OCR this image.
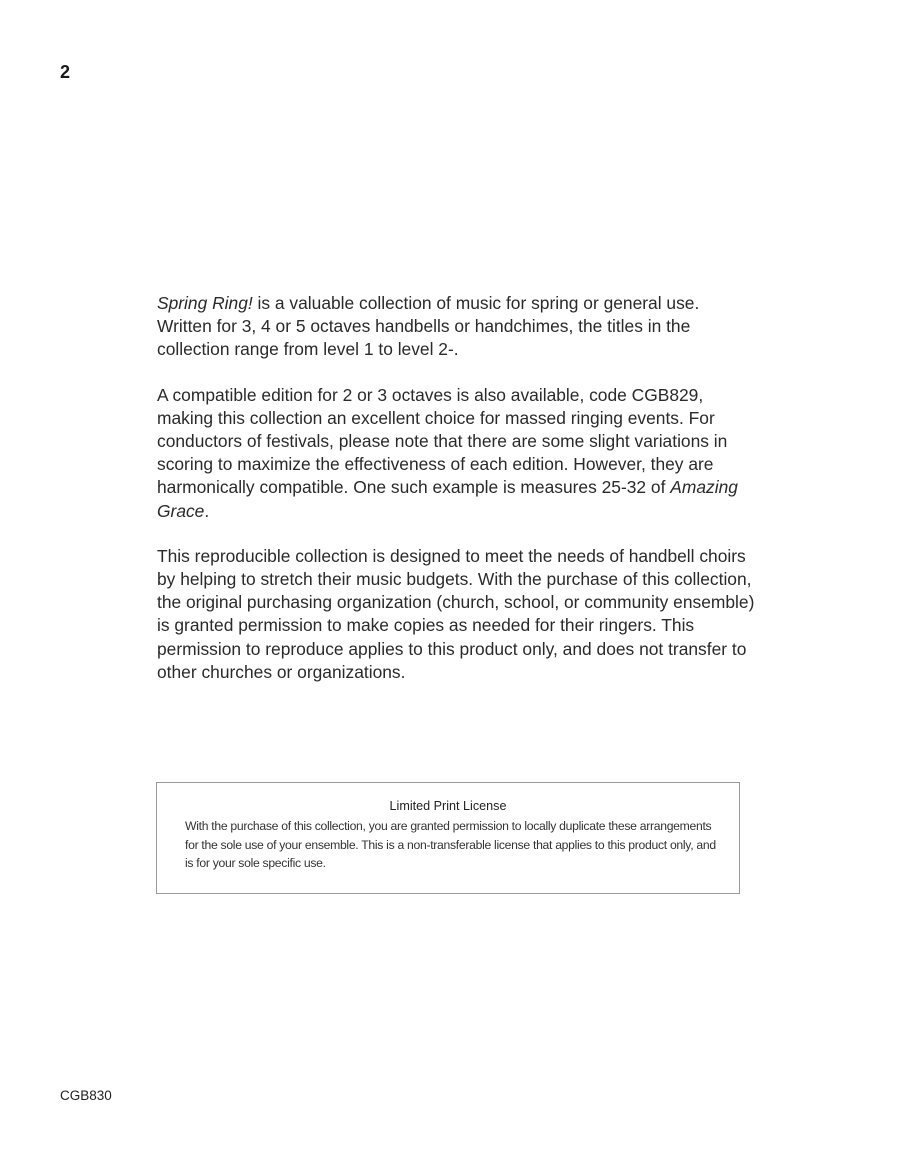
2

Spring Ring! is a valuable collection of music for spring or general use. Written for 3, 4 or 5 octaves handbells or handchimes, the titles in the collection range from level 1 to level 2-.

A compatible edition for 2 or 3 octaves is also available, code CGB829, making this collection an excellent choice for massed ringing events. For conductors of festivals, please note that there are some slight variations in scoring to maximize the effectiveness of each edition. However, they are harmonically compatible. One such example is measures 25-32 of Amazing Grace.

This reproducible collection is designed to meet the needs of handbell choirs by helping to stretch their music budgets. With the purchase of this collection, the original purchasing organization (church, school, or community ensemble) is granted permission to make copies as needed for their ringers. This permission to reproduce applies to this product only, and does not transfer to other churches or organizations.

Limited Print License
With the purchase of this collection, you are granted permission to locally duplicate these arrangements for the sole use of your ensemble. This is a non-transferable license that applies to this product only, and is for your sole specific use.
CGB830
